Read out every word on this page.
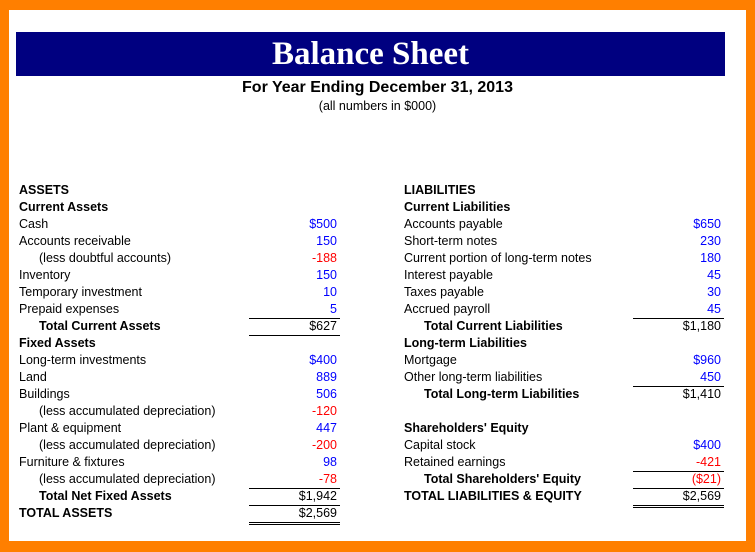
Balance Sheet
For Year Ending December 31, 2013
(all numbers in $000)
ASSETS
Current Assets
Cash	$500
Accounts receivable	150
(less doubtful accounts)	-188
Inventory	150
Temporary investment	10
Prepaid expenses	5
Total Current Assets	$627
Fixed Assets
Long-term investments	$400
Land	889
Buildings	506
(less accumulated depreciation)	-120
Plant & equipment	447
(less accumulated depreciation)	-200
Furniture & fixtures	98
(less accumulated depreciation)	-78
Total Net Fixed Assets	$1,942
TOTAL ASSETS	$2,569
LIABILITIES
Current Liabilities
Accounts payable	$650
Short-term notes	230
Current portion of long-term notes	180
Interest payable	45
Taxes payable	30
Accrued payroll	45
Total Current Liabilities	$1,180
Long-term Liabilities
Mortgage	$960
Other long-term liabilities	450
Total Long-term Liabilities	$1,410
Shareholders' Equity
Capital stock	$400
Retained earnings	-421
Total Shareholders' Equity	($21)
TOTAL LIABILITIES & EQUITY	$2,569
